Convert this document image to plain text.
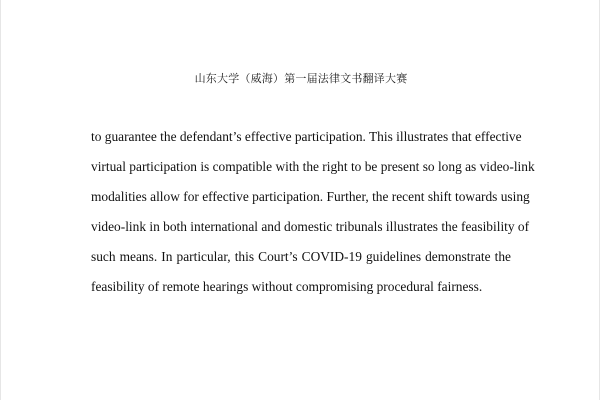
山东大学（威海）第一届法律文书翻译大赛
to guarantee the defendant’s effective participation. This illustrates that effective
virtual participation is compatible with the right to be present so long as video-link
modalities allow for effective participation. Further, the recent shift towards using
video-link in both international and domestic tribunals illustrates the feasibility of
such means. In particular, this Court’s COVID-19 guidelines demonstrate the
feasibility of remote hearings without compromising procedural fairness.
